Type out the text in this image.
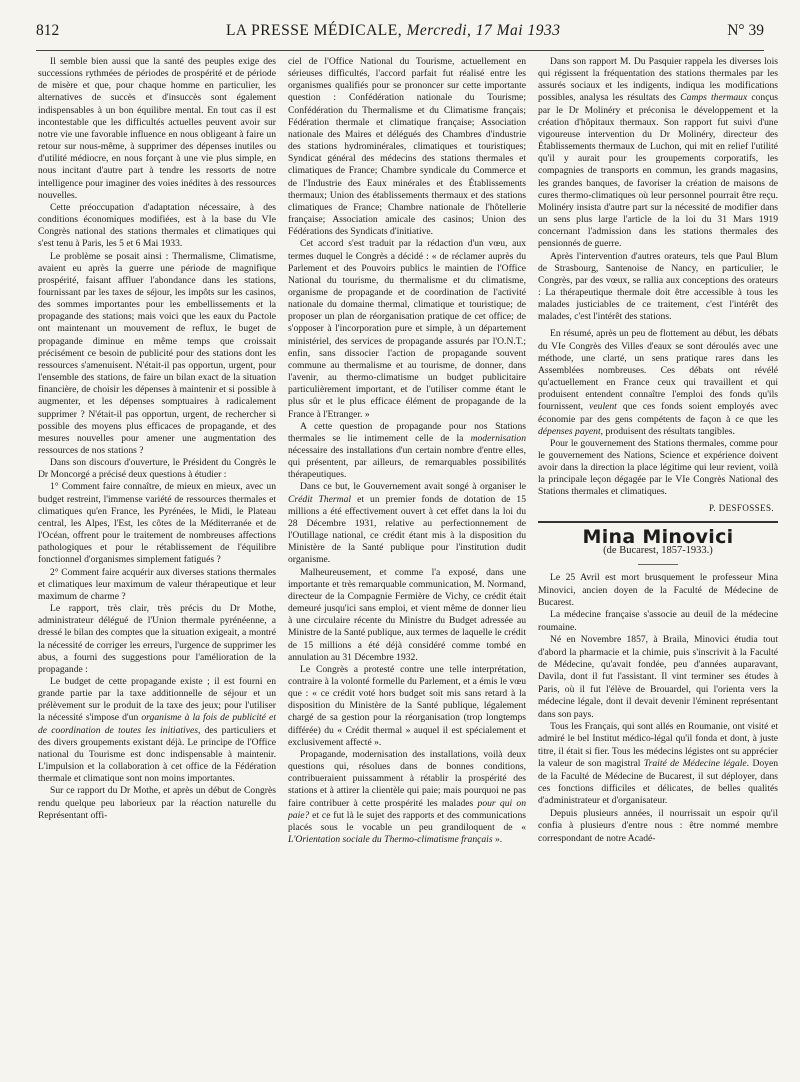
812	LA PRESSE MÉDICALE, Mercredi, 17 Mai 1933	N° 39

Il semble bien aussi que la santé des peuples exige des successions rythmées de périodes de prospérité et de période de misère et que, pour chaque homme en particulier, les alternatives de succès et d'insuccès sont également indispensables à un bon équilibre mental. En tout cas il est incontestable que les difficultés actuelles peuvent avoir sur notre vie une favorable influence en nous obligeant à faire un retour sur nous-même, à supprimer des dépenses inutiles ou d'utilité médiocre, en nous forçant à une vie plus simple, en nous incitant d'autre part à tendre les ressorts de notre intelligence pour imaginer des voies inédites à des ressources nouvelles.

Cette préoccupation d'adaptation nécessaire, à des conditions économiques modifiées, est à la base du VIe Congrès national des stations thermales et climatiques qui s'est tenu à Paris, les 5 et 6 Mai 1933.

Le problème se posait ainsi : Thermalisme, Climatisme, avaient eu après la guerre une période de magnifique prospérité, faisant affluer l'abondance dans les stations, fournissant par les taxes de séjour, les impôts sur les casinos, des sommes importantes pour les embellissements et la propagande des stations; mais voici que les eaux du Pactole ont maintenant un mouvement de reflux, le buget de propagande diminue en même temps que croissait précisément ce besoin de publicité pour des stations dont les ressources s'amenuisent. N'était-il pas opportun, urgent, pour l'ensemble des stations, de faire un bilan exact de la situation financière, de choisir les dépenses à maintenir et si possible à augmenter, et les dépenses somptuaires à radicalement supprimer ? N'était-il pas opportun, urgent, de rechercher si possible des moyens plus efficaces de propagande, et des mesures nouvelles pour amener une augmentation des ressources de nos stations ?

Dans son discours d'ouverture, le Président du Congrès le Dr Moncorgé a précisé deux questions à étudier :

1° Comment faire connaître, de mieux en mieux, avec un budget restreint, l'immense variété de ressources thermales et climatiques qu'en France, les Pyrénées, le Midi, le Plateau central, les Alpes, l'Est, les côtes de la Méditerranée et de l'Océan, offrent pour le traitement de nombreuses affections pathologiques et pour le rétablissement de l'équilibre fonctionnel d'organismes simplement fatigués ?

2° Comment faire acquérir aux diverses stations thermales et climatiques leur maximum de valeur thérapeutique et leur maximum de charme ?

Le rapport, très clair, très précis du Dr Mothe, administrateur délégué de l'Union thermale pyrénéenne, a dressé le bilan des comptes que la situation exigeait, a montré la nécessité de corriger les erreurs, l'urgence de supprimer les abus, a fourni des suggestions pour l'amélioration de la propagande :

Le budget de cette propagande existe ; il est fourni en grande partie par la taxe additionnelle de séjour et un prélèvement sur le produit de la taxe des jeux; pour l'utiliser la nécessité s'impose d'un organisme à la fois de publicité et de coordination de toutes les initiatives, des particuliers et des divers groupements existant déjà. Le principe de l'Office national du Tourisme est donc indispensable à maintenir. L'impulsion et la collaboration à cet office de la Fédération thermale et climatique sont non moins importantes.

Sur ce rapport du Dr Mothe, et après un début de Congrès rendu quelque peu laborieux par la réaction naturelle du Représentant offi-

ciel de l'Office National du Tourisme, actuellement en sérieuses difficultés, l'accord parfait fut réalisé entre les organismes qualifiés pour se prononcer sur cette importante question : Confédération nationale du Tourisme; Confédération du Thermalisme et du Climatisme français; Fédération thermale et climatique française; Association nationale des Maires et délégués des Chambres d'industrie des stations hydrominérales, climatiques et touristiques; Syndicat général des médecins des stations thermales et climatiques de France; Chambre syndicale du Commerce et de l'Industrie des Eaux minérales et des Établissements thermaux; Union des établissements thermaux et des stations climatiques de France; Chambre nationale de l'hôtellerie française; Association amicale des casinos; Union des Fédérations des Syndicats d'initiative.

Cet accord s'est traduit par la rédaction d'un vœu, aux termes duquel le Congrès a décidé : « de réclamer auprès du Parlement et des Pouvoirs publics le maintien de l'Office National du tourisme, du thermalisme et du climatisme, organisme de propagande et de coordination de l'activité nationale du domaine thermal, climatique et touristique; de proposer un plan de réorganisation pratique de cet office; de s'opposer à l'incorporation pure et simple, à un département ministériel, des services de propagande assurés par l'O.N.T.; enfin, sans dissocier l'action de propagande souvent commune au thermalisme et au tourisme, de donner, dans l'avenir, au thermo-climatisme un budget publicitaire particulièrement important, et de l'utiliser comme étant le plus sûr et le plus efficace élément de propagande de la France à l'Etranger. »

A cette question de propagande pour nos Stations thermales se lie intimement celle de la modernisation nécessaire des installations d'un certain nombre d'entre elles, qui présentent, par ailleurs, de remarquables possibilités thérapeutiques.

Dans ce but, le Gouvernement avait songé à organiser le Crédit Thermal et un premier fonds de dotation de 15 millions a été effectivement ouvert à cet effet dans la loi du 28 Décembre 1931, relative au perfectionnement de l'Outillage national, ce crédit étant mis à la disposition du Ministère de la Santé publique pour l'institution dudit organisme.

Malheureusement, et comme l'a exposé, dans une importante et très remarquable communication, M. Normand, directeur de la Compagnie Fermière de Vichy, ce crédit était demeuré jusqu'ici sans emploi, et vient même de donner lieu à une circulaire récente du Ministre du Budget adressée au Ministre de la Santé publique, aux termes de laquelle le crédit de 15 millions a été déjà considéré comme tombé en annulation au 31 Décembre 1932.

Le Congrès a protesté contre une telle interprétation, contraire à la volonté formelle du Parlement, et a émis le vœu que : « ce crédit voté hors budget soit mis sans retard à la disposition du Ministère de la Santé publique, légalement chargé de sa gestion pour la réorganisation (trop longtemps différée) du « Crédit thermal » auquel il est spécialement et exclusivement affecté ».

Propagande, modernisation des installations, voilà deux questions qui, résolues dans de bonnes conditions, contribueraient puissamment à rétablir la prospérité des stations et à attirer la clientèle qui paie; mais pourquoi ne pas faire contribuer à cette prospérité les malades pour qui on paie? et ce fut là le sujet des rapports et des communications placés sous le vocable un peu grandiloquent de « L'Orientation sociale du Thermo-climatisme français ».

Dans son rapport M. Du Pasquier rappela les diverses lois qui régissent la fréquentation des stations thermales par les assurés sociaux et les indigents, indiqua les modifications possibles, analysa les résultats des Camps thermaux conçus par le Dr Molinéry et préconisa le développement et la création d'hôpitaux thermaux. Son rapport fut suivi d'une vigoureuse intervention du Dr Molinéry, directeur des Établissements thermaux de Luchon, qui mit en relief l'utilité qu'il y aurait pour les groupements corporatifs, les compagnies de transports en commun, les grands magasins, les grandes banques, de favoriser la création de maisons de cures thermo-climatiques où leur personnel pourrait être reçu. Molinéry insista d'autre part sur la nécessité de modifier dans un sens plus large l'article de la loi du 31 Mars 1919 concernant l'admission dans les stations thermales des pensionnés de guerre.

Après l'intervention d'autres orateurs, tels que Paul Blum de Strasbourg, Santenoise de Nancy, en particulier, le Congrès, par des vœux, se rallia aux conceptions des orateurs : La thérapeutique thermale doit être accessible à tous les malades justiciables de ce traitement, c'est l'intérêt des malades, c'est l'intérêt des stations.

En résumé, après un peu de flottement au début, les débats du VIe Congrès des Villes d'eaux se sont déroulés avec une méthode, une clarté, un sens pratique rares dans les Assemblées nombreuses. Ces débats ont révélé qu'actuellement en France ceux qui travaillent et qui produisent entendent connaître l'emploi des fonds qu'ils fournissent, veulent que ces fonds soient employés avec économie par des gens compétents de façon à ce que les dépenses payent, produisent des résultats tangibles.

Pour le gouvernement des Stations thermales, comme pour le gouvernement des Nations, Science et expérience doivent avoir dans la direction la place légitime qui leur revient, voilà la principale leçon dégagée par le VIe Congrès National des Stations thermales et climatiques.

P. DESFOSSES.
Mina Minovici
(de Bucarest, 1857-1933.)

Le 25 Avril est mort brusquement le professeur Mina Minovici, ancien doyen de la Faculté de Médecine de Bucarest.

La médecine française s'associe au deuil de la médecine roumaine.

Né en Novembre 1857, à Braila, Minovici étudia tout d'abord la pharmacie et la chimie, puis s'inscrivit à la Faculté de Médecine, qu'avait fondée, peu d'années auparavant, Davila, dont il fut l'assistant. Il vint terminer ses études à Paris, où il fut l'élève de Brouardel, qui l'orienta vers la médecine légale, dont il devait devenir l'éminent représentant dans son pays.

Tous les Français, qui sont allés en Roumanie, ont visité et admiré le bel Institut médico-légal qu'il fonda et dont, à juste titre, il était si fier. Tous les médecins légistes ont su apprécier la valeur de son magistral Traité de Médecine légale. Doyen de la Faculté de Médecine de Bucarest, il sut déployer, dans ces fonctions difficiles et délicates, de belles qualités d'administrateur et d'organisateur.

Depuis plusieurs années, il nourrissait un espoir qu'il confia à plusieurs d'entre nous : être nommé membre correspondant de notre Acadé-
